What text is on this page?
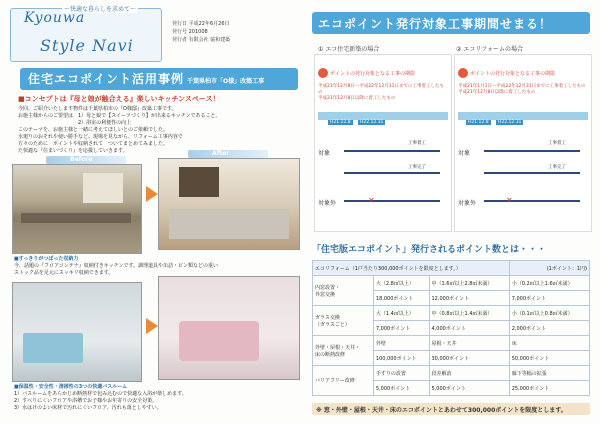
〜快適な暮らしを求めて〜
Kyouwa
Style Navi
発行日 平成22年6月26日
発行号 201008
発行者 有限会社 協和建築
住宅エコポイント活用事例 千葉県柏市「O様」改築工事
■コンセプトは『母と娘が触合える』楽しいキッチンスペース！
今回、ご紹介いたします物件は千葉県柏市の『O様邸』改築工事です。
お施主様からのご要望は　1）母と娘で【スイーツづくり】が出来るキッチンであること。
　　　　　　　　　　　　2）浴室の利便性の向上
このテーマを、お施主様と一緒に考えてほしいとのご依頼でした。
水廻りのおそれや使い勝手など、現場を見ながら、リフォーム工事内容で
方々のために　ポイントや収納されて　ついてまとめてみました。
た快適な『住まいづくり』を応援していきます。
Before
After
■すっきりがつぼった収納力
今、話題の『フロアコンテナ』収納付きキッチンです。調理道具や缶詰・ビン類などの重い
ストック品を足元にスッキリ収納できます。
■保温性・安全性・清掃性の3つの快適バスルーム
1）バスルームをあらかじめ断熱材で包み込むので快適な入浴が楽しめます。
2）すべりにくいフロアや浴槽でお子様やお年寄りの安全対策。
3）水はけのよい床材で汚れにくいフロア、汚れも落としやすい。
エコポイント発行対象工事期間せまる！
① エコ住宅新築の場合	② エコリフォームの場合
ポイントの発行対象となる工事の期限
平成21年12月8日〜平成22年12月31日までに工事着工したもの
平成21年12月8日以降に着工したもの
H21.12.8	H22.12.31
対象
対象外	✕
工事着工
工事完了
ポイントの発行対象となる工事の期限
平成21年1月1日〜平成22年12月31日までに工事着工したもの
平成21年12月8日以降に着工したもの
H21.12.8	H22.12.31
対象
対象外	✕
工事着工
工事完了
「住宅版エコポイント」発行されるポイント数とは・・・
エコリフォーム（1戸当たり300,000ポイントを限度とします。）			(1ポイント：1円)

内窓設置・
外窓交換	大（2.8㎡以上）	中（1.6㎡以上2.8㎡未満）	小（0.2㎡以上1.6㎡未満）
	18,000ポイント	12,000ポイント	7,000ポイント

ガラス交換
（ガラスごと）	大（1.4㎡以上）	中（0.8㎡以上1.4㎡未満）	小（0.1㎡以上0.8㎡未満）
	7,000ポイント	4,000ポイント	2,000ポイント

外壁・屋根・天井・
床の断熱改修	外壁	屋根・天井	床
	100,000ポイント	30,000ポイント	50,000ポイント

バリアフリー改修	手すりの設置	段差解消	廊下等幅の拡張
	5,000ポイント	5,000ポイント	25,000ポイント
※ 窓・外壁・屋根・天井・床のエコポイントとあわせて300,000ポイントを限度とします。
